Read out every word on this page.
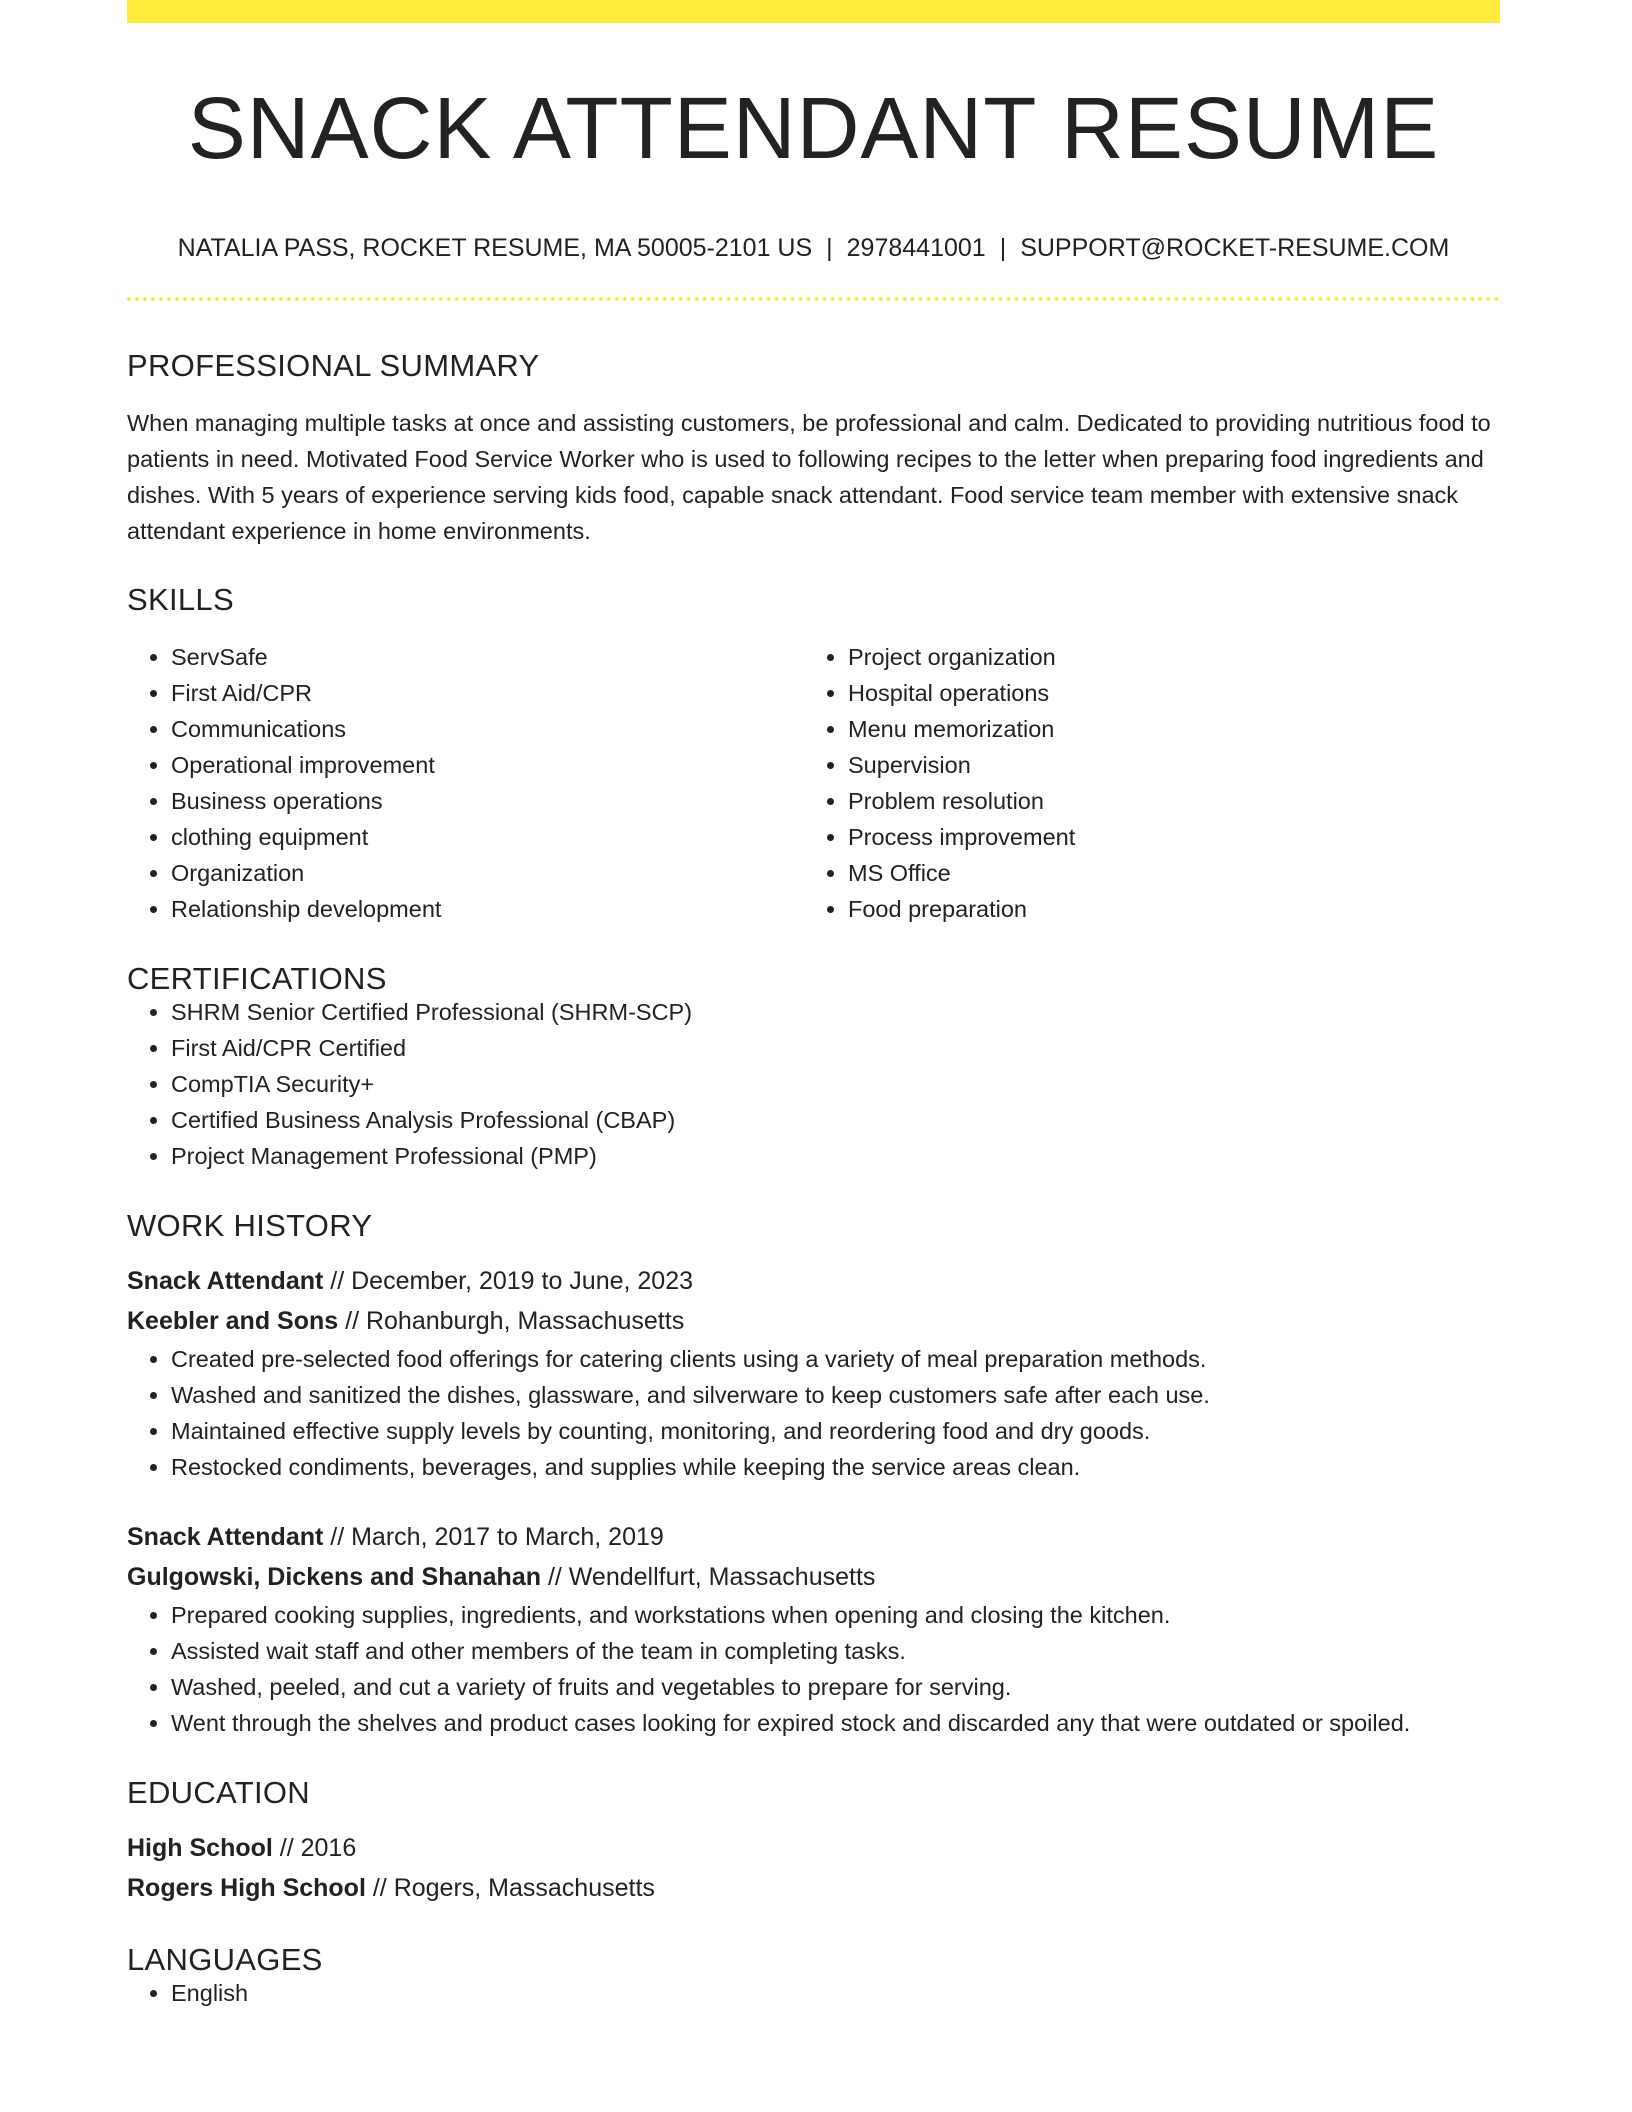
SNACK ATTENDANT RESUME
NATALIA PASS, ROCKET RESUME, MA 50005-2101 US | 2978441001 | SUPPORT@ROCKET-RESUME.COM
PROFESSIONAL SUMMARY

When managing multiple tasks at once and assisting customers, be professional and calm. Dedicated to providing nutritious food to patients in need. Motivated Food Service Worker who is used to following recipes to the letter when preparing food ingredients and dishes. With 5 years of experience serving kids food, capable snack attendant. Food service team member with extensive snack attendant experience in home environments.

SKILLS
• ServSafe
• First Aid/CPR
• Communications
• Operational improvement
• Business operations
• clothing equipment
• Organization
• Relationship development
• Project organization
• Hospital operations
• Menu memorization
• Supervision
• Problem resolution
• Process improvement
• MS Office
• Food preparation
CERTIFICATIONS
• SHRM Senior Certified Professional (SHRM-SCP)
• First Aid/CPR Certified
• CompTIA Security+
• Certified Business Analysis Professional (CBAP)
• Project Management Professional (PMP)
WORK HISTORY
Snack Attendant // December, 2019 to June, 2023
Keebler and Sons // Rohanburgh, Massachusetts
• Created pre-selected food offerings for catering clients using a variety of meal preparation methods.
• Washed and sanitized the dishes, glassware, and silverware to keep customers safe after each use.
• Maintained effective supply levels by counting, monitoring, and reordering food and dry goods.
• Restocked condiments, beverages, and supplies while keeping the service areas clean.
Snack Attendant // March, 2017 to March, 2019
Gulgowski, Dickens and Shanahan // Wendellfurt, Massachusetts
• Prepared cooking supplies, ingredients, and workstations when opening and closing the kitchen.
• Assisted wait staff and other members of the team in completing tasks.
• Washed, peeled, and cut a variety of fruits and vegetables to prepare for serving.
• Went through the shelves and product cases looking for expired stock and discarded any that were outdated or spoiled.
EDUCATION
High School // 2016
Rogers High School // Rogers, Massachusetts
LANGUAGES
• English
